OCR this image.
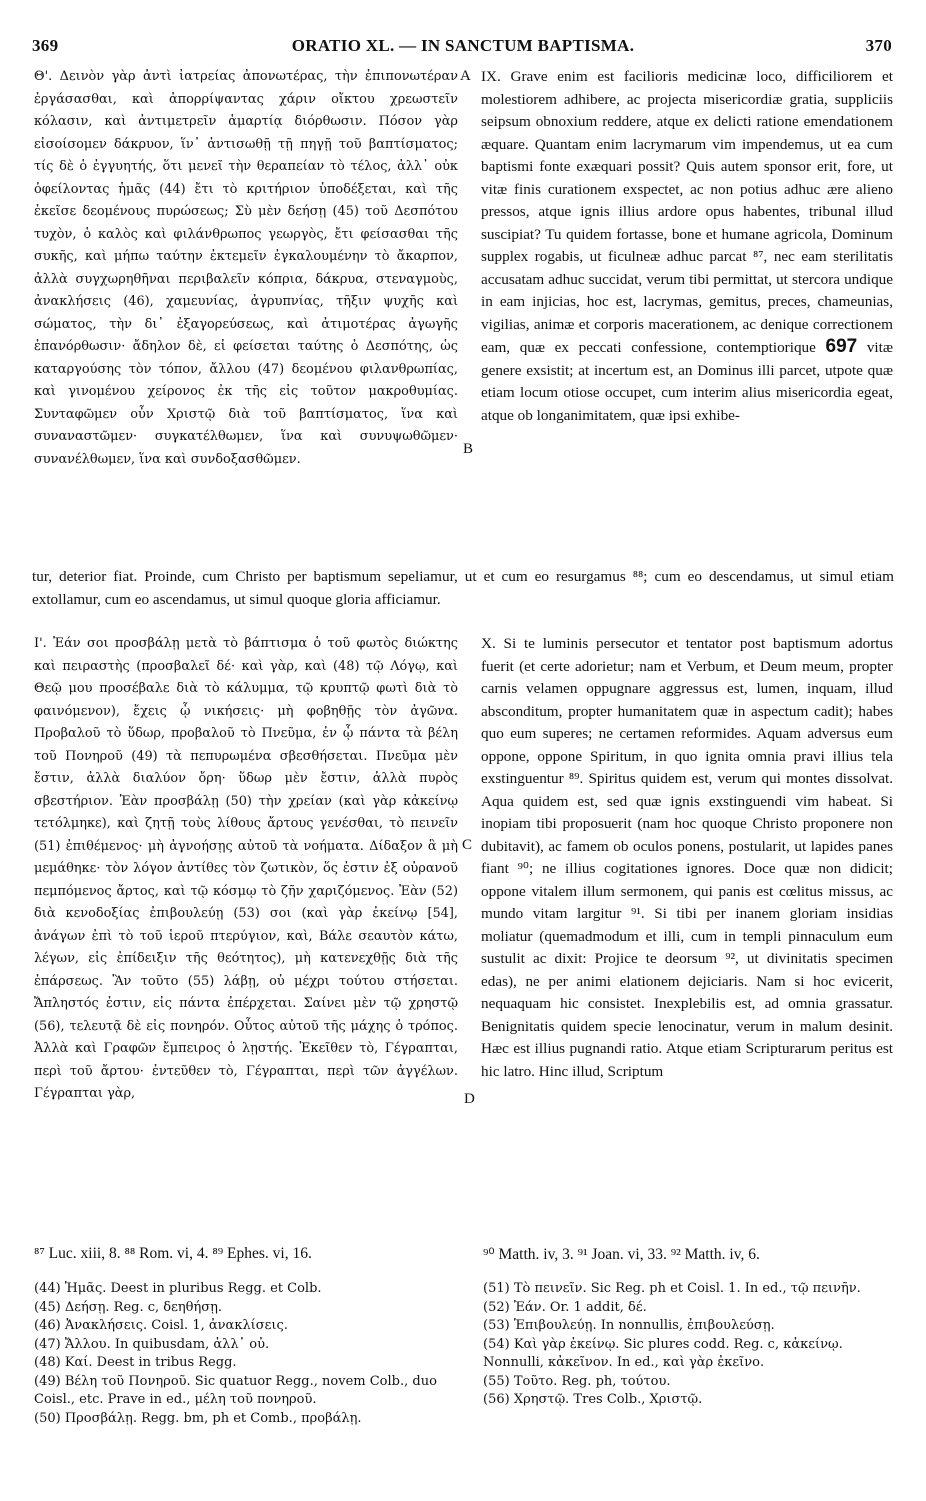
369	ORATIO XL. — IN SANCTUM BAPTISMA.	370

Θ'. Δεινὸν γὰρ ἀντὶ ἰατρείας ἀπονωτέρας, τὴν ἐπιπονωτέραν ἐργάσασθαι, καὶ ἀπορρίψαντας χάριν οἴκτου χρεωστεῖν κόλασιν, καὶ ἀντιμετρεῖν ἁμαρτίᾳ διόρθωσιν. Πόσον γὰρ εἰσοίσομεν δάκρυον, ἵν᾽ ἀντισωθῇ τῇ πηγῇ τοῦ βαπτίσματος; τίς δὲ ὁ ἐγγυητής, ὅτι μενεῖ τὴν θεραπείαν τὸ τέλος, ἀλλ᾽ οὐκ ὀφείλοντας ἡμᾶς (44) ἔτι τὸ κριτήριον ὑποδέξεται, καὶ τῆς ἐκεῖσε δεομένους πυρώσεως; Σὺ μὲν δεήσῃ (45) τοῦ Δεσπότου τυχὸν, ὁ καλὸς καὶ φιλάνθρωπος γεωργὸς, ἔτι φείσασθαι τῆς συκῆς, καὶ μήπω ταύτην ἐκτεμεῖν ἐγκαλουμένην τὸ ἄκαρπον, ἀλλὰ συγχωρηθῆναι περιβαλεῖν κόπρια, δάκρυα, στεναγμοὺς, ἀνακλήσεις (46), χαμευνίας, ἀγρυπνίας, τῆξιν ψυχῆς καὶ σώματος, τὴν δι᾽ ἐξαγορεύσεως, καὶ ἀτιμοτέρας ἀγωγῆς ἐπανόρθωσιν· ἄδηλον δὲ, εἰ φείσεται ταύτης ὁ Δεσπότης, ὡς καταργούσης τὸν τόπον, ἄλλου (47) δεομένου φιλανθρωπίας, καὶ γινομένου χείρονος ἐκ τῆς εἰς τοῦτον μακροθυμίας. Συνταφῶμεν οὖν Χριστῷ διὰ τοῦ βαπτίσματος, ἵνα καὶ συναναστῶμεν· συγκατέλθωμεν, ἵνα καὶ συνυψωθῶμεν· συνανέλθωμεν, ἵνα καὶ συνδοξασθῶμεν.

A
B
C
D

IX. Grave enim est facilioris medicinæ loco, difficiliorem et molestiorem adhibere, ac projecta misericordiæ gratia, suppliciis seipsum obnoxium reddere, atque ex delicti ratione emendationem æquare. Quantam enim lacrymarum vim impendemus, ut ea cum baptismi fonte exæquari possit? Quis autem sponsor erit, fore, ut vitæ finis curationem exspectet, ac non potius adhuc ære alieno pressos, atque ignis illius ardore opus habentes, tribunal illud suscipiat? Tu quidem fortasse, bone et humane agricola, Dominum supplex rogabis, ut ficulneæ adhuc parcat ⁸⁷, nec eam sterilitatis accusatam adhuc succidat, verum tibi permittat, ut stercora undique in eam injicias, hoc est, lacrymas, gemitus, preces, chameunias, vigilias, animæ et corporis macerationem, ac denique correctionem eam, quæ ex peccati confessione, contemptiorique 697 vitæ genere exsistit; at incertum est, an Dominus illi parcet, utpote quæ etiam locum otiose occupet, cum interim alius misericordia egeat, atque ob longanimitatem, quæ ipsi exhibe-

tur, deterior fiat. Proinde, cum Christo per baptismum sepeliamur, ut et cum eo resurgamus ⁸⁸; cum eo descendamus, ut simul etiam extollamur, cum eo ascendamus, ut simul quoque gloria afficiamur.

Ι'. Ἐάν σοι προσβάλῃ μετὰ τὸ βάπτισμα ὁ τοῦ φωτὸς διώκτης καὶ πειραστὴς (προσβαλεῖ δέ· καὶ γὰρ, καὶ (48) τῷ Λόγῳ, καὶ Θεῷ μου προσέβαλε διὰ τὸ κάλυμμα, τῷ κρυπτῷ φωτὶ διὰ τὸ φαινόμενον), ἔχεις ᾧ νικήσεις· μὴ φοβηθῇς τὸν ἀγῶνα. Προβαλοῦ τὸ ὕδωρ, προβαλοῦ τὸ Πνεῦμα, ἐν ᾧ πάντα τὰ βέλη τοῦ Πονηροῦ (49) τὰ πεπυρωμένα σβεσθήσεται. Πνεῦμα μὲν ἔστιν, ἀλλὰ διαλύον ὄρη· ὕδωρ μὲν ἔστιν, ἀλλὰ πυρὸς σβεστήριον. Ἐὰν προσβάλῃ (50) τὴν χρείαν (καὶ γὰρ κἀκείνῳ τετόλμηκε), καὶ ζητῇ τοὺς λίθους ἄρτους γενέσθαι, τὸ πεινεῖν (51) ἐπιθέμενος· μὴ ἀγνοήσῃς αὐτοῦ τὰ νοήματα. Δίδαξον ἃ μὴ μεμάθηκε· τὸν λόγον ἀντίθες τὸν ζωτικὸν, ὅς ἐστιν ἐξ οὐρανοῦ πεμπόμενος ἄρτος, καὶ τῷ κόσμῳ τὸ ζῆν χαριζόμενος. Ἐὰν (52) διὰ κενοδοξίας ἐπιβουλεύῃ (53) σοι (καὶ γὰρ ἐκείνῳ [54], ἀνάγων ἐπὶ τὸ τοῦ ἱεροῦ πτερύγιον, καὶ, Βάλε σεαυτὸν κάτω, λέγων, εἰς ἐπίδειξιν τῆς θεότητος), μὴ κατενεχθῇς διὰ τῆς ἐπάρσεως. Ἂν τοῦτο (55) λάβῃ, οὐ μέχρι τούτου στήσεται. Ἄπληστός ἐστιν, εἰς πάντα ἐπέρχεται. Σαίνει μὲν τῷ χρηστῷ (56), τελευτᾷ δὲ εἰς πονηρόν. Οὗτος αὐτοῦ τῆς μάχης ὁ τρόπος. Ἀλλὰ καὶ Γραφῶν ἔμπειρος ὁ λῃστής. Ἐκεῖθεν τὸ, Γέγραπται, περὶ τοῦ ἄρτου· ἐντεῦθεν τὸ, Γέγραπται, περὶ τῶν ἀγγέλων. Γέγραπται γὰρ,

X. Si te luminis persecutor et tentator post baptismum adortus fuerit (et certe adorietur; nam et Verbum, et Deum meum, propter carnis velamen oppugnare aggressus est, lumen, inquam, illud absconditum, propter humanitatem quæ in aspectum cadit); habes quo eum superes; ne certamen reformides. Aquam adversus eum oppone, oppone Spiritum, in quo ignita omnia pravi illius tela exstinguentur ⁸⁹. Spiritus quidem est, verum qui montes dissolvat. Aqua quidem est, sed quæ ignis exstinguendi vim habeat. Si inopiam tibi proposuerit (nam hoc quoque Christo proponere non dubitavit), ac famem ob oculos ponens, postularit, ut lapides panes fiant ⁹⁰; ne illius cogitationes ignores. Doce quæ non didicit; oppone vitalem illum sermonem, qui panis est cœlitus missus, ac mundo vitam largitur ⁹¹. Si tibi per inanem gloriam insidias moliatur (quemadmodum et illi, cum in templi pinnaculum eum sustulit ac dixit: Projice te deorsum ⁹², ut divinitatis specimen edas), ne per animi elationem dejiciaris. Nam si hoc evicerit, nequaquam hic consistet. Inexplebilis est, ad omnia grassatur. Benignitatis quidem specie lenocinatur, verum in malum desinit. Hæc est illius pugnandi ratio. Atque etiam Scripturarum peritus est hic latro. Hinc illud, Scriptum

⁸⁷ Luc. xiii, 8. ⁸⁸ Rom. vi, 4. ⁸⁹ Ephes. vi, 16.	⁹⁰ Matth. iv, 3. ⁹¹ Joan. vi, 33. ⁹² Matth. iv, 6.
(44) Ἡμᾶς. Deest in pluribus Regg. et Colb.
(45) Δεήσῃ. Reg. c, δεηθήσῃ.
(46) Ἀνακλήσεις. Coisl. 1, ἀνακλίσεις.
(47) Ἄλλου. In quibusdam, ἀλλ᾽ οὐ.
(48) Καί. Deest in tribus Regg.
(49) Βέλη τοῦ Πονηροῦ. Sic quatuor Regg., novem Colb., duo Coisl., etc. Prave in ed., μέλη τοῦ πονηροῦ.
(50) Προσβάλῃ. Regg. bm, ph et Comb., προβάλῃ.
(51) Τὸ πεινεῖν. Sic Reg. ph et Coisl. 1. In ed., τῷ πεινῆν.
(52) Ἐάν. Or. 1 addit, δέ.
(53) Ἐπιβουλεύῃ. In nonnullis, ἐπιβουλεύσῃ.
(54) Καὶ γὰρ ἐκείνῳ. Sic plures codd. Reg. c, κἀκείνῳ. Nonnulli, κἀκεῖνον. In ed., καὶ γὰρ ἐκεῖνο.
(55) Τοῦτο. Reg. ph, τούτου.
(56) Χρηστῷ. Tres Colb., Χριστῷ.
